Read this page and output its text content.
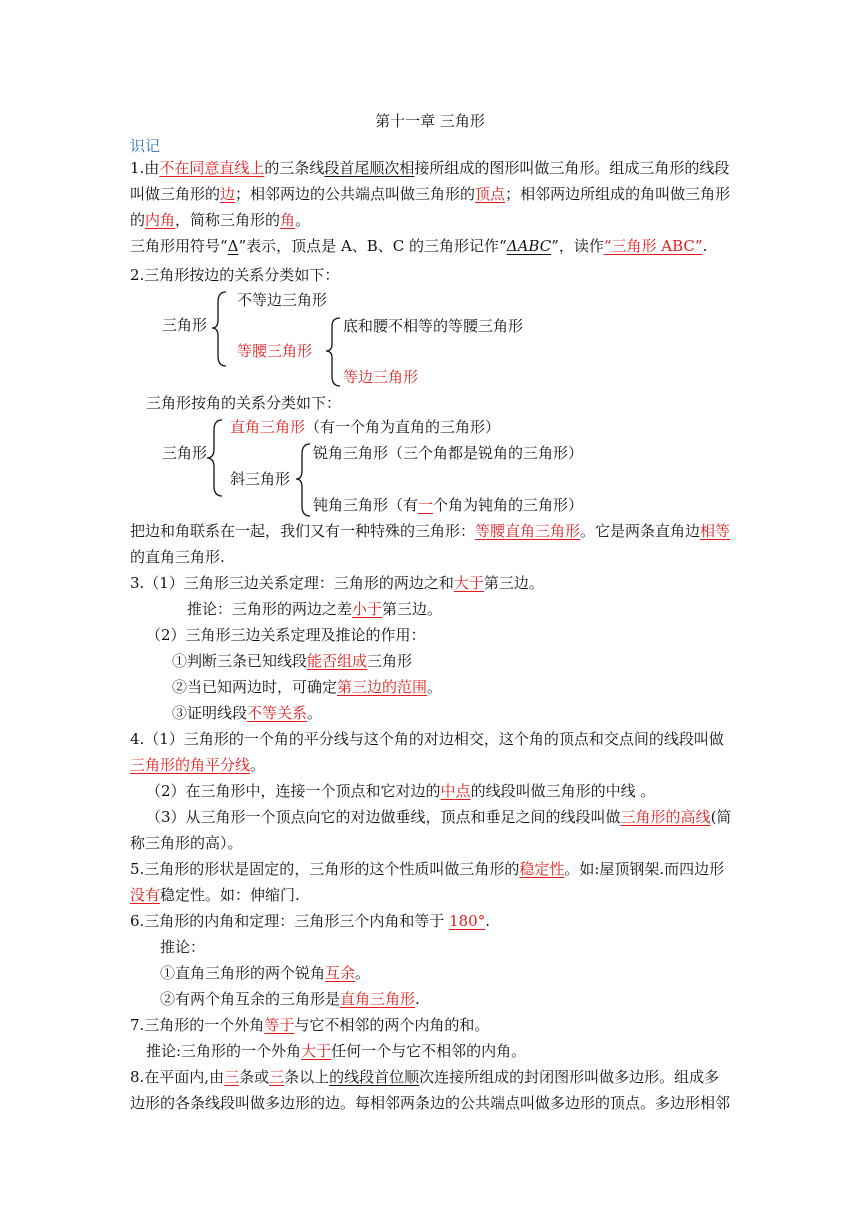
第十一章 三角形
识记
1.由不在同意直线上的三条线段首尾顺次相接所组成的图形叫做三角形。组成三角形的线段
叫做三角形的边；相邻两边的公共端点叫做三角形的顶点；相邻两边所组成的角叫做三角形
的内角，简称三角形的角。
三角形用符号“Δ”表示，顶点是 A、B、C 的三角形记作“ΔABC”，读作“三角形 ABC”.
2.三角形按边的关系分类如下：
三角形
不等边三角形
等腰三角形
底和腰不相等的等腰三角形
等边三角形
三角形按角的关系分类如下：
三角形
直角三角形（有一个角为直角的三角形）
斜三角形
锐角三角形（三个角都是锐角的三角形）
钝角三角形（有一个角为钝角的三角形）
把边和角联系在一起，我们又有一种特殊的三角形：等腰直角三角形。它是两条直角边相等
的直角三角形.
3.（1）三角形三边关系定理：三角形的两边之和大于第三边。
推论：三角形的两边之差小于第三边。
（2）三角形三边关系定理及推论的作用：
①判断三条已知线段能否组成三角形
②当已知两边时，可确定第三边的范围。
③证明线段不等关系。
4.（1）三角形的一个角的平分线与这个角的对边相交，这个角的顶点和交点间的线段叫做
三角形的角平分线。
（2）在三角形中，连接一个顶点和它对边的中点的线段叫做三角形的中线 。
（3）从三角形一个顶点向它的对边做垂线，顶点和垂足之间的线段叫做三角形的高线(简
称三角形的高）。
5.三角形的形状是固定的，三角形的这个性质叫做三角形的稳定性。如:屋顶钢架.而四边形
没有稳定性。如：伸缩门.
6.三角形的内角和定理：三角形三个内角和等于 180°.
推论：
①直角三角形的两个锐角互余。
②有两个角互余的三角形是直角三角形.
7.三角形的一个外角等于与它不相邻的两个内角的和。
推论:三角形的一个外角大于任何一个与它不相邻的内角。
8.在平面内,由三条或三条以上的线段首位顺次连接所组成的封闭图形叫做多边形。组成多
边形的各条线段叫做多边形的边。每相邻两条边的公共端点叫做多边形的顶点。多边形相邻
